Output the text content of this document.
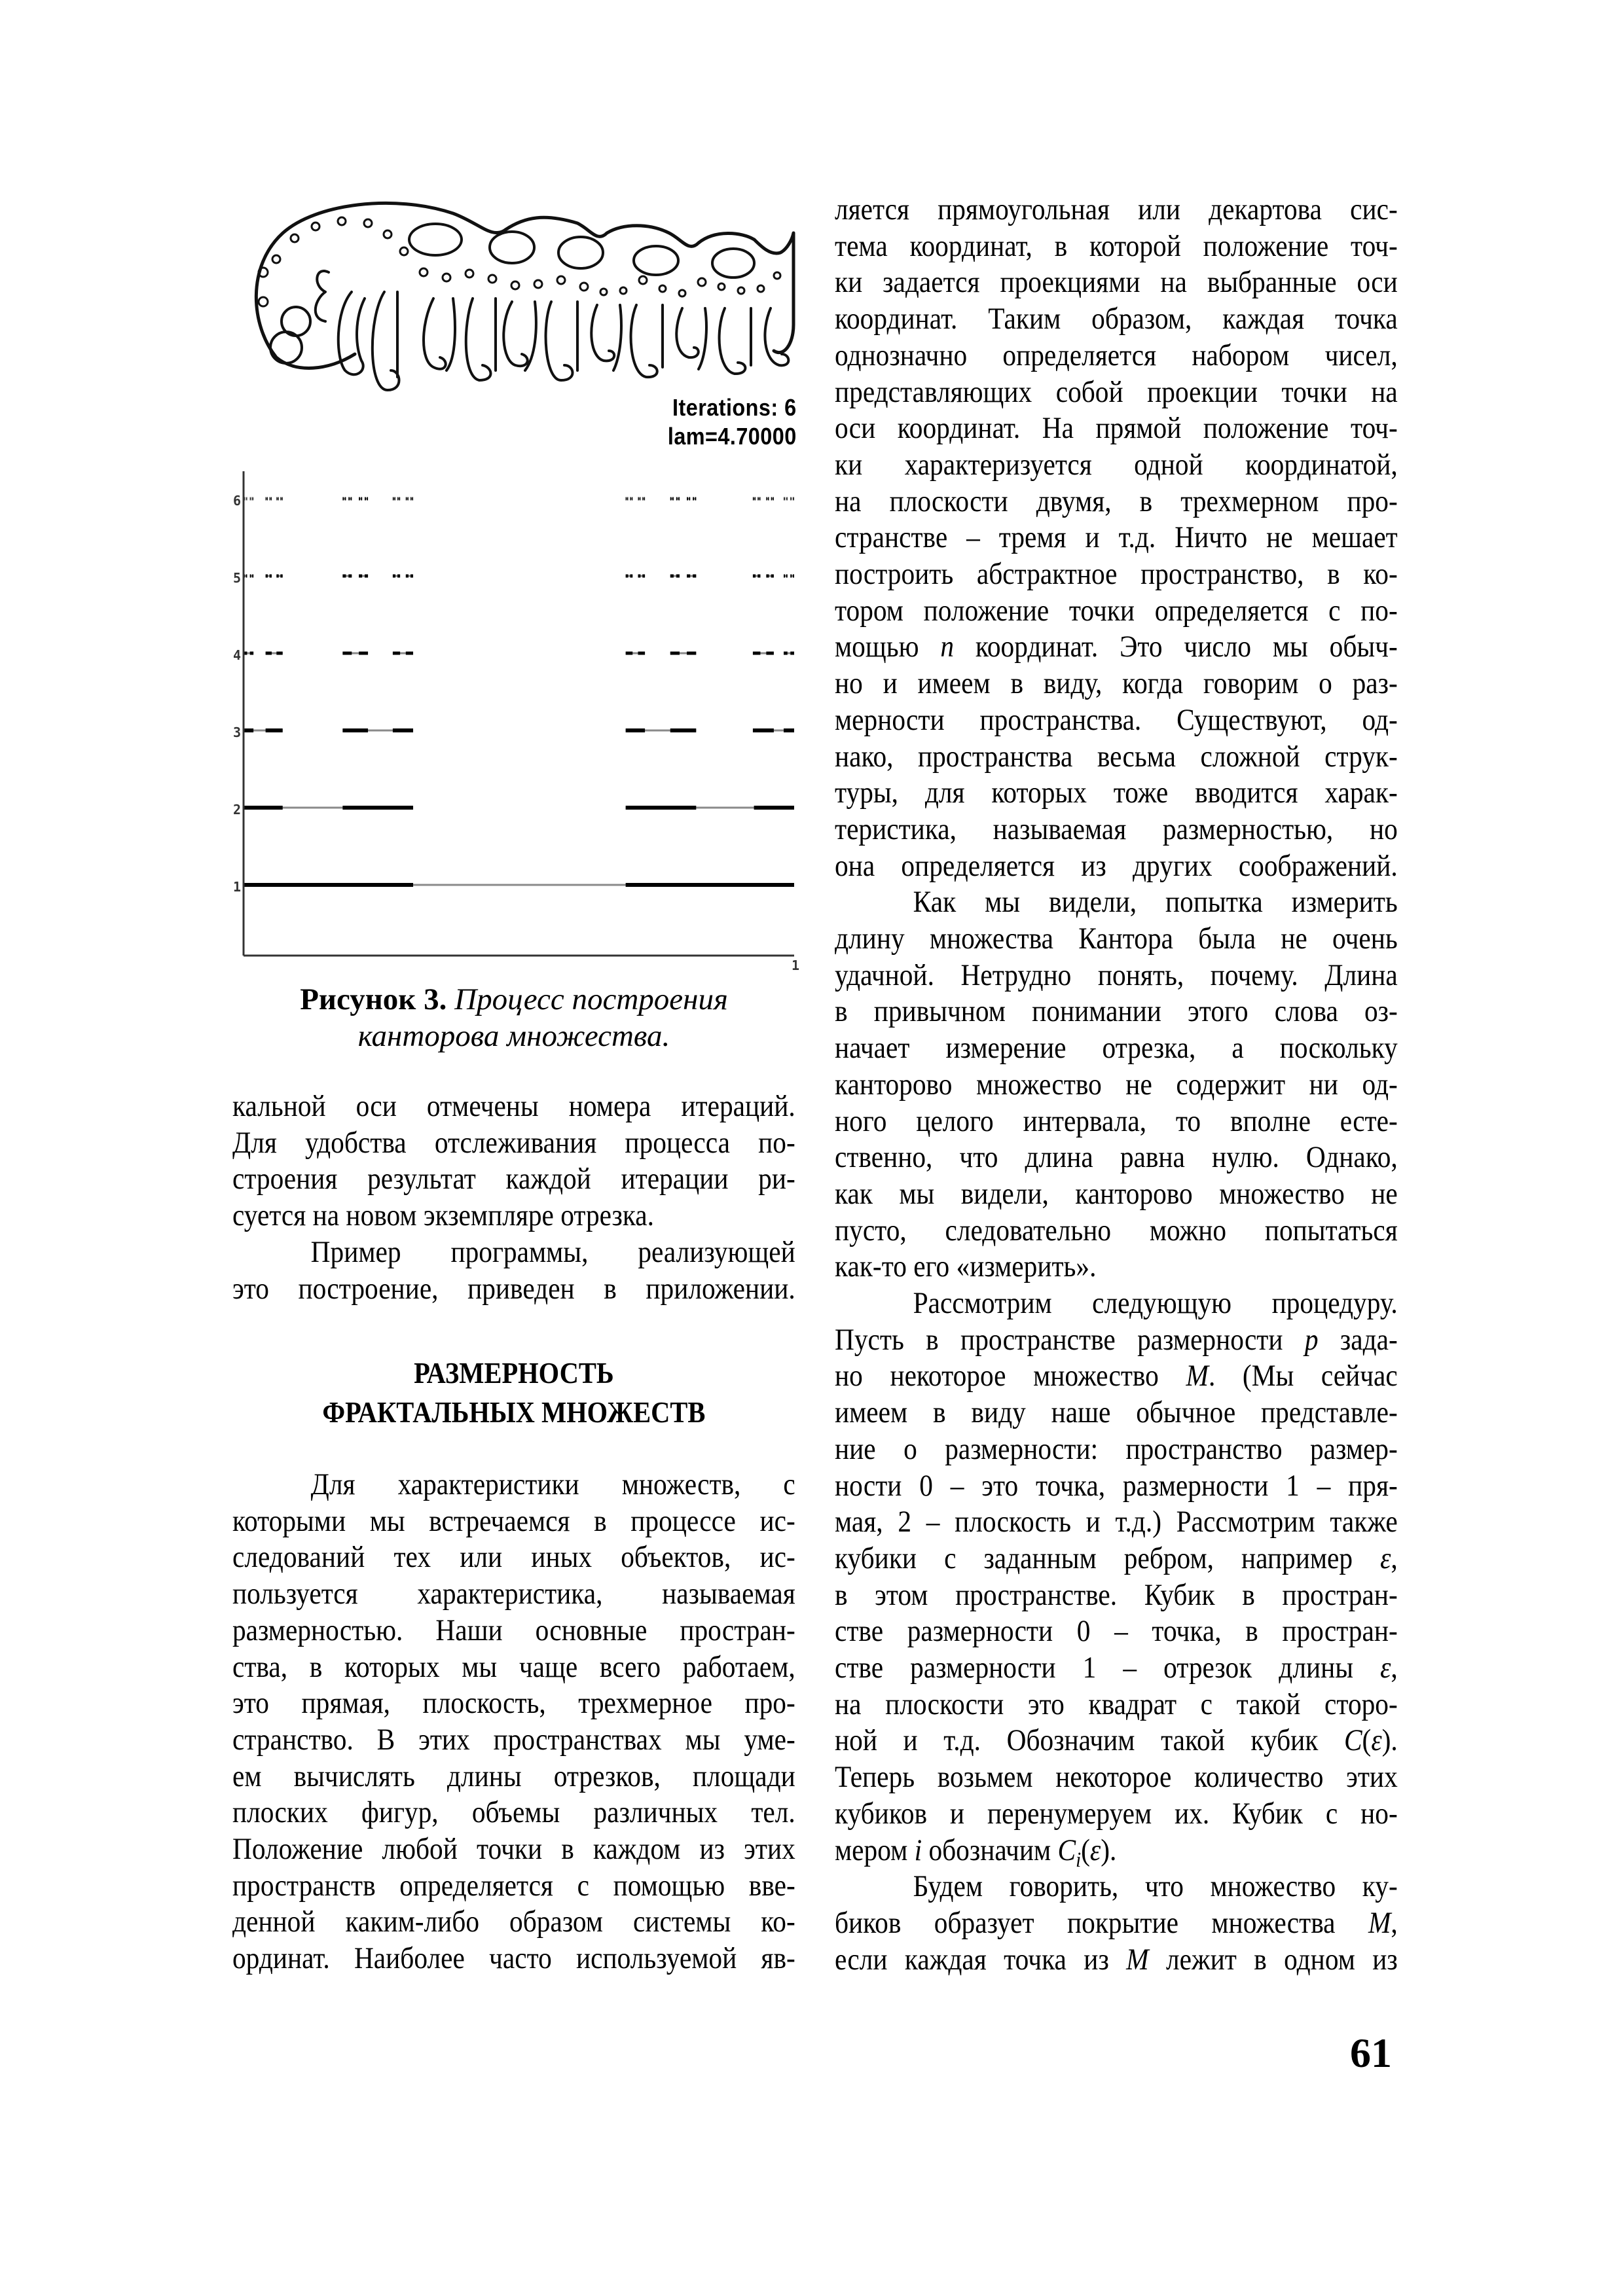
Iterations: 6
lam=4.70000
1
2
3
4
5
6
1
Рисунок 3. Процесс построения
канторова множества.
кальной оси отмечены номера итераций.
Для удобства отслеживания процесса по-
строения результат каждой итерации ри-
суется на новом экземпляре отрезка.
Пример программы, реализующей
это построение, приведен в приложении.
РАЗМЕРНОСТЬ
ФРАКТАЛЬНЫХ МНОЖЕСТВ
Для характеристики множеств, с
которыми мы встречаемся в процессе ис-
следований тех или иных объектов, ис-
пользуется характеристика, называемая
размерностью. Наши основные простран-
ства, в которых мы чаще всего работаем,
это прямая, плоскость, трехмерное про-
странство. В этих пространствах мы уме-
ем вычислять длины отрезков, площади
плоских фигур, объемы различных тел.
Положение любой точки в каждом из этих
пространств определяется с помощью вве-
денной каким-либо образом системы ко-
ординат. Наиболее часто используемой яв-
ляется прямоугольная или декартова сис-
тема координат, в которой положение точ-
ки задается проекциями на выбранные оси
координат. Таким образом, каждая точка
однозначно определяется набором чисел,
представляющих собой проекции точки на
оси координат. На прямой положение точ-
ки характеризуется одной координатой,
на плоскости двумя, в трехмерном про-
странстве – тремя и т.д. Ничто не мешает
построить абстрактное пространство, в ко-
тором положение точки определяется с по-
мощью n координат. Это число мы обыч-
но и имеем в виду, когда говорим о раз-
мерности пространства. Существуют, од-
нако, пространства весьма сложной струк-
туры, для которых тоже вводится харак-
теристика, называемая размерностью, но
она определяется из других соображений.
Как мы видели, попытка измерить
длину множества Кантора была не очень
удачной. Нетрудно понять, почему. Длина
в привычном понимании этого слова оз-
начает измерение отрезка, а поскольку
канторово множество не содержит ни од-
ного целого интервала, то вполне есте-
ственно, что длина равна нулю. Однако,
как мы видели, канторово множество не
пусто, следовательно можно попытаться
как-то его «измерить».
Рассмотрим следующую процедуру.
Пусть в пространстве размерности p зада-
но некоторое множество M. (Мы сейчас
имеем в виду наше обычное представле-
ние о размерности: пространство размер-
ности 0 – это точка, размерности 1 – пря-
мая, 2 – плоскость и т.д.) Рассмотрим также
кубики с заданным ребром, например ε,
в этом пространстве. Кубик в простран-
стве размерности 0 – точка, в простран-
стве размерности 1 – отрезок длины ε,
на плоскости это квадрат с такой сторо-
ной и т.д. Обозначим такой кубик C(ε).
Теперь возьмем некоторое количество этих
кубиков и перенумеруем их. Кубик с но-
мером i обозначим $C_i(\varepsilon)$.
Будем говорить, что множество ку-
биков образует покрытие множества M,
если каждая точка из M лежит в одном из
61
